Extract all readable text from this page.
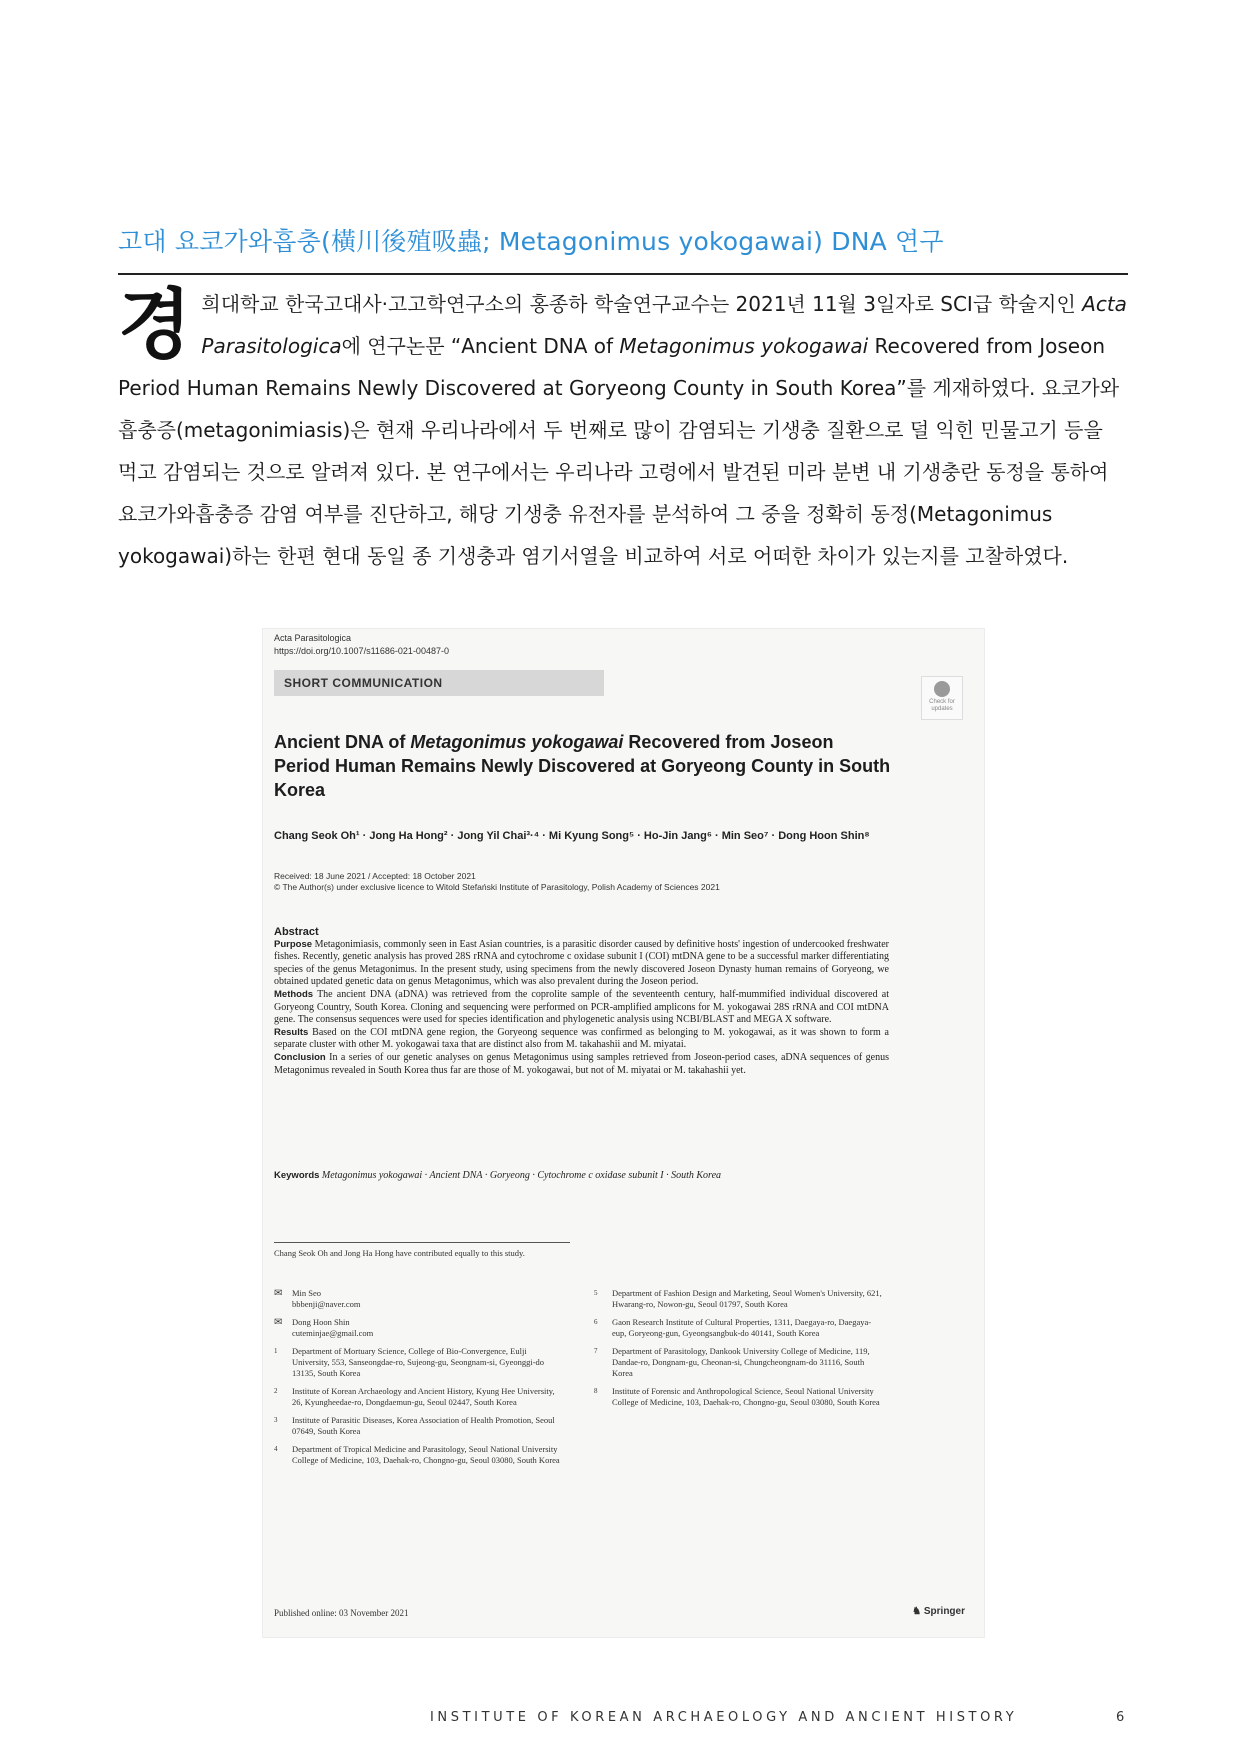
고대 요코가와흡충(橫川後殖吸蟲; Metagonimus yokogawai) DNA 연구

경희대학교 한국고대사·고고학연구소의 홍종하 학술연구교수는 2021년 11월 3일자로 SCI급 학술지인 Acta Parasitologica에 연구논문 “Ancient DNA of Metagonimus yokogawai Recovered from Joseon Period Human Remains Newly Discovered at Goryeong County in South Korea”를 게재하였다. 요코가와흡충증(metagonimiasis)은 현재 우리나라에서 두 번째로 많이 감염되는 기생충 질환으로 덜 익힌 민물고기 등을 먹고 감염되는 것으로 알려져 있다. 본 연구에서는 우리나라 고령에서 발견된 미라 분변 내 기생충란 동정을 통하여 요코가와흡충증 감염 여부를 진단하고, 해당 기생충 유전자를 분석하여 그 중을 정확히 동정(Metagonimus yokogawai)하는 한편 현대 동일 종 기생충과 염기서열을 비교하여 서로 어떠한 차이가 있는지를 고찰하였다.

Acta Parasitologica
https://doi.org/10.1007/s11686-021-00487-0
SHORT COMMUNICATION
Check for updates
Ancient DNA of Metagonimus yokogawai Recovered from Joseon Period Human Remains Newly Discovered at Goryeong County in South Korea
Chang Seok Oh¹ · Jong Ha Hong² · Jong Yil Chai³·⁴ · Mi Kyung Song⁵ · Ho-Jin Jang⁶ · Min Seo⁷ · Dong Hoon Shin⁸
Received: 18 June 2021 / Accepted: 18 October 2021
© The Author(s) under exclusive licence to Witold Stefański Institute of Parasitology, Polish Academy of Sciences 2021
Abstract
Purpose Metagonimiasis, commonly seen in East Asian countries, is a parasitic disorder caused by definitive hosts' ingestion of undercooked freshwater fishes. Recently, genetic analysis has proved 28S rRNA and cytochrome c oxidase subunit I (COI) mtDNA gene to be a successful marker differentiating species of the genus Metagonimus. In the present study, using specimens from the newly discovered Joseon Dynasty human remains of Goryeong, we obtained updated genetic data on genus Metagonimus, which was also prevalent during the Joseon period.
Methods The ancient DNA (aDNA) was retrieved from the coprolite sample of the seventeenth century, half-mummified individual discovered at Goryeong Country, South Korea. Cloning and sequencing were performed on PCR-amplified amplicons for M. yokogawai 28S rRNA and COI mtDNA gene. The consensus sequences were used for species identification and phylogenetic analysis using NCBI/BLAST and MEGA X software.
Results Based on the COI mtDNA gene region, the Goryeong sequence was confirmed as belonging to M. yokogawai, as it was shown to form a separate cluster with other M. yokogawai taxa that are distinct also from M. takahashii and M. miyatai.
Conclusion In a series of our genetic analyses on genus Metagonimus using samples retrieved from Joseon-period cases, aDNA sequences of genus Metagonimus revealed in South Korea thus far are those of M. yokogawai, but not of M. miyatai or M. takahashii yet.
Keywords Metagonimus yokogawai · Ancient DNA · Goryeong · Cytochrome c oxidase subunit I · South Korea
Chang Seok Oh and Jong Ha Hong have contributed equally to this study.
✉ Min Seo
bbbenji@naver.com
✉ Dong Hoon Shin
cuteminjae@gmail.com
1 Department of Mortuary Science, College of Bio-Convergence, Eulji University, 553, Sanseongdae-ro, Sujeong-gu, Seongnam-si, Gyeonggi-do 13135, South Korea
2 Institute of Korean Archaeology and Ancient History, Kyung Hee University, 26, Kyungheedae-ro, Dongdaemun-gu, Seoul 02447, South Korea
3 Institute of Parasitic Diseases, Korea Association of Health Promotion, Seoul 07649, South Korea
4 Department of Tropical Medicine and Parasitology, Seoul National University College of Medicine, 103, Daehak-ro, Chongno-gu, Seoul 03080, South Korea
5 Department of Fashion Design and Marketing, Seoul Women's University, 621, Hwarang-ro, Nowon-gu, Seoul 01797, South Korea
6 Gaon Research Institute of Cultural Properties, 1311, Daegaya-ro, Daegaya-eup, Goryeong-gun, Gyeongsangbuk-do 40141, South Korea
7 Department of Parasitology, Dankook University College of Medicine, 119, Dandae-ro, Dongnam-gu, Cheonan-si, Chungcheongnam-do 31116, South Korea
8 Institute of Forensic and Anthropological Science, Seoul National University College of Medicine, 103, Daehak-ro, Chongno-gu, Seoul 03080, South Korea
Published online: 03 November 2021	♞ Springer
INSTITUTE OF KOREAN ARCHAEOLOGY AND ANCIENT HISTORY	6
